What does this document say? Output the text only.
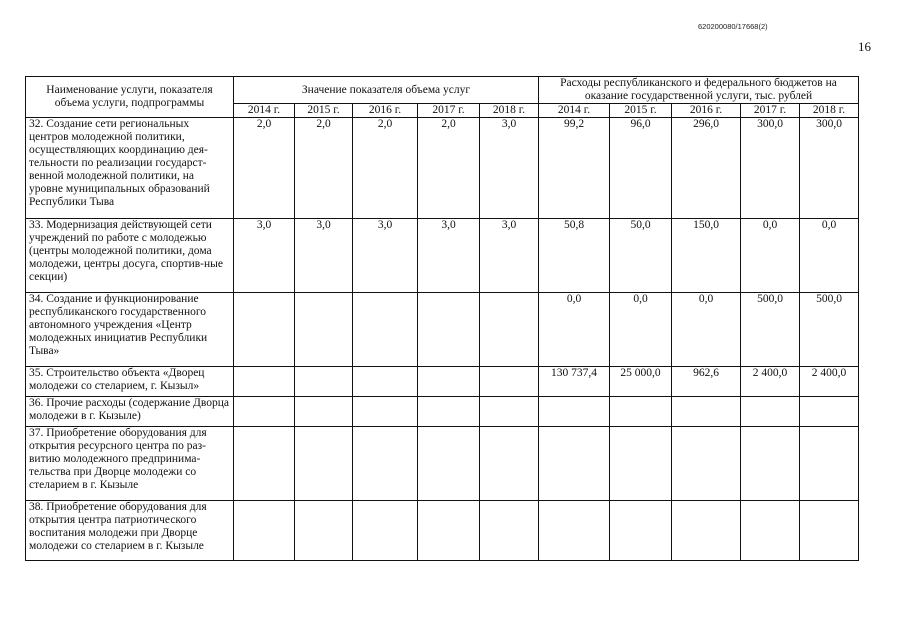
620200080/17668(2)
16
Наименование услуги, показателя объема услуги, подпрограммы	Значение показателя объема услуг					Расходы республиканского и федерального бюджетов на оказание государственной услуги, тыс. рублей				
	2014 г.	2015 г.	2016 г.	2017 г.	2018 г.	2014 г.	2015 г.	2016 г.	2017 г.	2018 г.
32. Создание сети региональных центров молодежной политики, осуществляющих координацию дея-тельности по реализации государст-венной молодежной политики, на уровне муниципальных образований Республики Тыва	2,0	2,0	2,0	2,0	3,0	99,2	96,0	296,0	300,0	300,0
33. Модернизация действующей сети учреждений по работе с молодежью (центры молодежной политики, дома молодежи, центры досуга, спортив-ные секции)	3,0	3,0	3,0	3,0	3,0	50,8	50,0	150,0	0,0	0,0
34. Создание и функционирование республиканского государственного автономного учреждения «Центр молодежных инициатив Республики Тыва»						0,0	0,0	0,0	500,0	500,0
35. Строительство объекта «Дворец молодежи со стеларием, г. Кызыл»						130 737,4	25 000,0	962,6	2 400,0	2 400,0
36. Прочие расходы (содержание Дворца молодежи в г. Кызыле)										
37. Приобретение оборудования для открытия ресурсного центра по раз-витию молодежного предпринима-тельства при Дворце молодежи со стеларием в г. Кызыле										
38. Приобретение оборудования для открытия центра патриотического воспитания молодежи при Дворце молодежи со стеларием в г. Кызыле										
